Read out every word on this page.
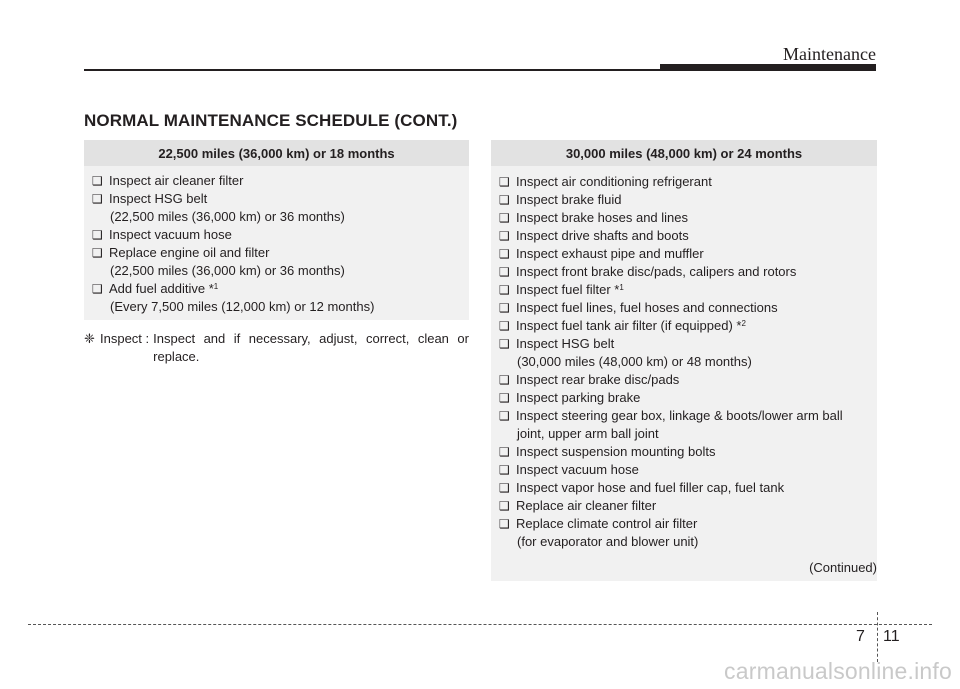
Maintenance
NORMAL MAINTENANCE SCHEDULE (CONT.)
22,500 miles (36,000 km) or 18 months
❑ Inspect air cleaner filter
❑ Inspect HSG belt
(22,500 miles (36,000 km) or 36 months)
❑ Inspect vacuum hose
❑ Replace engine oil and filter
(22,500 miles (36,000 km) or 36 months)
❑ Add fuel additive *$^1$
(Every 7,500 miles (12,000 km) or 12 months)
❈ Inspect : Inspect and if necessary, adjust, correct, clean or replace.
30,000 miles (48,000 km) or 24 months
❑ Inspect air conditioning refrigerant
❑ Inspect brake fluid
❑ Inspect brake hoses and lines
❑ Inspect drive shafts and boots
❑ Inspect exhaust pipe and muffler
❑ Inspect front brake disc/pads, calipers and rotors
❑ Inspect fuel filter *$^1$
❑ Inspect fuel lines, fuel hoses and connections
❑ Inspect fuel tank air filter (if equipped) *$^2$
❑ Inspect HSG belt
(30,000 miles (48,000 km) or 48 months)
❑ Inspect rear brake disc/pads
❑ Inspect parking brake
❑ Inspect steering gear box, linkage & boots/lower arm ball
joint, upper arm ball joint
❑ Inspect suspension mounting bolts
❑ Inspect vacuum hose
❑ Inspect vapor hose and fuel filler cap, fuel tank
❑ Replace air cleaner filter
❑ Replace climate control air filter
(for evaporator and blower unit)
(Continued)
7 11
carmanualsonline.info
